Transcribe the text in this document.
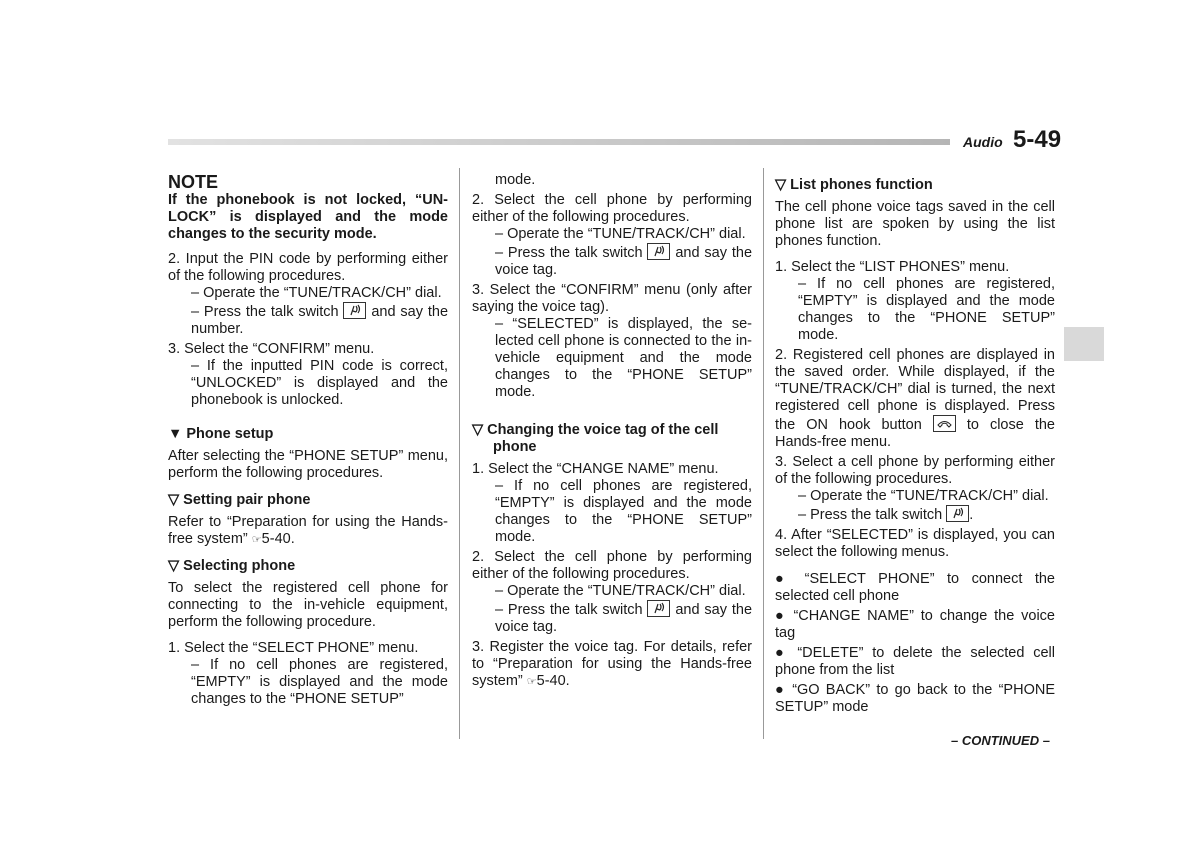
Audio 5-49

NOTE

If the phonebook is not locked, “UN-LOCK” is displayed and the mode changes to the security mode.

2. Input the PIN code by performing either of the following procedures.

– Operate the “TUNE/TRACK/CH” dial.

– Press the talk switch and say the number.

3. Select the “CONFIRM” menu.

– If the inputted PIN code is correct, “UNLOCKED” is displayed and the phonebook is unlocked.

▼ Phone setup

After selecting the “PHONE SETUP” menu, perform the following procedures.

▽ Setting pair phone

Refer to “Preparation for using the Hands-free system” ☞5-40.

▽ Selecting phone

To select the registered cell phone for connecting to the in-vehicle equipment, perform the following procedure.

1. Select the “SELECT PHONE” menu.

– If no cell phones are registered, “EMPTY” is displayed and the mode changes to the “PHONE SETUP”

mode.

2. Select the cell phone by performing either of the following procedures.

– Operate the “TUNE/TRACK/CH” dial.

– Press the talk switch and say the voice tag.

3. Select the “CONFIRM” menu (only after saying the voice tag).

– “SELECTED” is displayed, the se-lected cell phone is connected to the in-vehicle equipment and the mode changes to the “PHONE SETUP” mode.

▽ Changing the voice tag of the cell phone

1. Select the “CHANGE NAME” menu.

– If no cell phones are registered, “EMPTY” is displayed and the mode changes to the “PHONE SETUP” mode.

2. Select the cell phone by performing either of the following procedures.

– Operate the “TUNE/TRACK/CH” dial.

– Press the talk switch and say the voice tag.

3. Register the voice tag. For details, refer to “Preparation for using the Hands-free system” ☞5-40.

▽ List phones function

The cell phone voice tags saved in the cell phone list are spoken by using the list phones function.

1. Select the “LIST PHONES” menu.

– If no cell phones are registered, “EMPTY” is displayed and the mode changes to the “PHONE SETUP” mode.

2. Registered cell phones are displayed in the saved order. While displayed, if the “TUNE/TRACK/CH” dial is turned, the next registered cell phone is displayed. Press the ON hook button	to close the Hands-free menu.

3. Select a cell phone by performing either of the following procedures.

– Operate the “TUNE/TRACK/CH” dial.

– Press the talk switch .

4. After “SELECTED” is displayed, you can select the following menus.

● “SELECT PHONE” to connect the selected cell phone

● “CHANGE NAME” to change the voice tag

● “DELETE” to delete the selected cell phone from the list

● “GO BACK” to go back to the “PHONE SETUP” mode

– CONTINUED –
